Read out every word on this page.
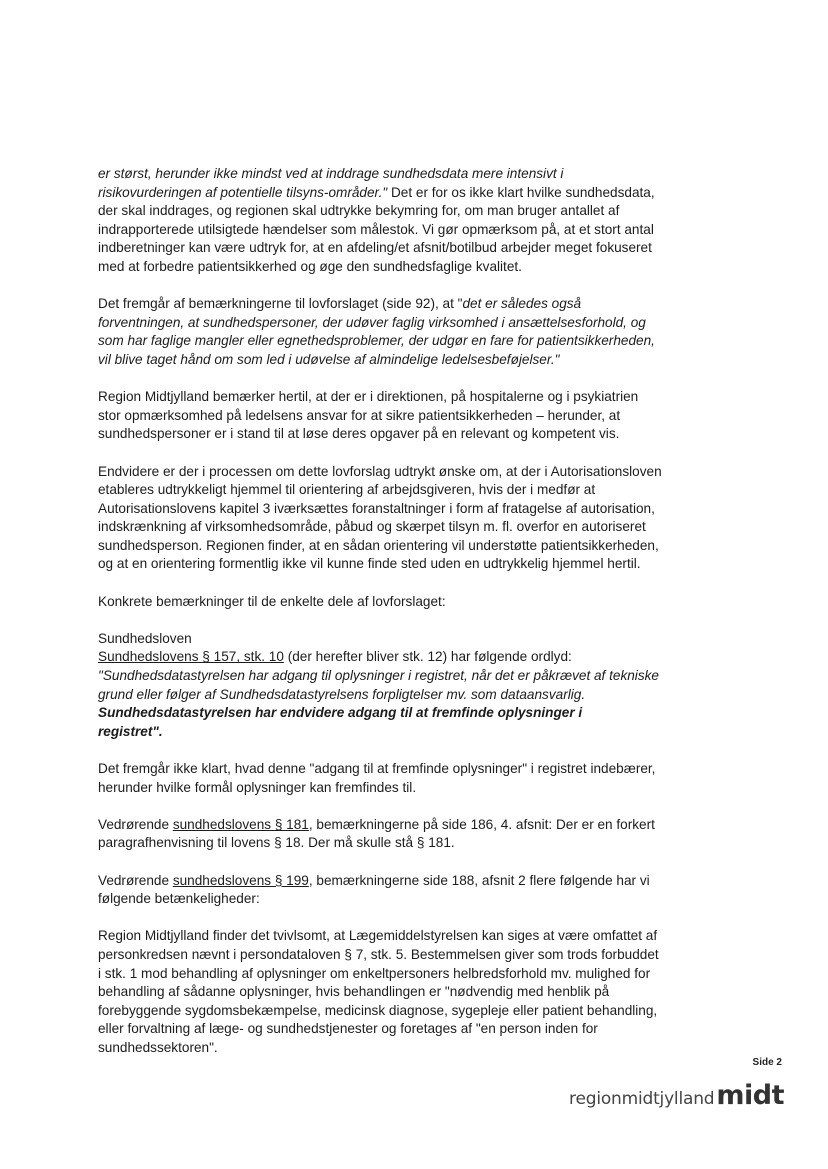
er størst, herunder ikke mindst ved at inddrage sundhedsdata mere intensivt i
risikovurderingen af potentielle tilsyns-områder." Det er for os ikke klart hvilke sundhedsdata,
der skal inddrages, og regionen skal udtrykke bekymring for, om man bruger antallet af
indrapporterede utilsigtede hændelser som målestok. Vi gør opmærksom på, at et stort antal
indberetninger kan være udtryk for, at en afdeling/et afsnit/botilbud arbejder meget fokuseret
med at forbedre patientsikkerhed og øge den sundhedsfaglige kvalitet.

Det fremgår af bemærkningerne til lovforslaget (side 92), at "det er således også
forventningen, at sundhedspersoner, der udøver faglig virksomhed i ansættelsesforhold, og
som har faglige mangler eller egnethedsproblemer, der udgør en fare for patientsikkerheden,
vil blive taget hånd om som led i udøvelse af almindelige ledelsesbeføjelser."

Region Midtjylland bemærker hertil, at der er i direktionen, på hospitalerne og i psykiatrien
stor opmærksomhed på ledelsens ansvar for at sikre patientsikkerheden – herunder, at
sundhedspersoner er i stand til at løse deres opgaver på en relevant og kompetent vis.

Endvidere er der i processen om dette lovforslag udtrykt ønske om, at der i Autorisationsloven
etableres udtrykkeligt hjemmel til orientering af arbejdsgiveren, hvis der i medfør at
Autorisationslovens kapitel 3 iværksættes foranstaltninger i form af fratagelse af autorisation,
indskrænkning af virksomhedsområde, påbud og skærpet tilsyn m. fl. overfor en autoriseret
sundhedsperson. Regionen finder, at en sådan orientering vil understøtte patientsikkerheden,
og at en orientering formentlig ikke vil kunne finde sted uden en udtrykkelig hjemmel hertil.

Konkrete bemærkninger til de enkelte dele af lovforslaget:

Sundhedsloven
Sundhedslovens § 157, stk. 10 (der herefter bliver stk. 12) har følgende ordlyd:
"Sundhedsdatastyrelsen har adgang til oplysninger i registret, når det er påkrævet af tekniske
grund eller følger af Sundhedsdatastyrelsens forpligtelser mv. som dataansvarlig.
Sundhedsdatastyrelsen har endvidere adgang til at fremfinde oplysninger i
registret".

Det fremgår ikke klart, hvad denne "adgang til at fremfinde oplysninger" i registret indebærer,
herunder hvilke formål oplysninger kan fremfindes til.

Vedrørende sundhedslovens § 181, bemærkningerne på side 186, 4. afsnit: Der er en forkert
paragrafhenvisning til lovens § 18. Der må skulle stå § 181.

Vedrørende sundhedslovens § 199, bemærkningerne side 188, afsnit 2 flere følgende har vi
følgende betænkeligheder:

Region Midtjylland finder det tvivlsomt, at Lægemiddelstyrelsen kan siges at være omfattet af
personkredsen nævnt i persondataloven § 7, stk. 5. Bestemmelsen giver som trods forbuddet
i stk. 1 mod behandling af oplysninger om enkeltpersoners helbredsforhold mv. mulighed for
behandling af sådanne oplysninger, hvis behandlingen er "nødvendig med henblik på
forebyggende sygdomsbekæmpelse, medicinsk diagnose, sygepleje eller patient behandling,
eller forvaltning af læge- og sundhedstjenester og foretages af "en person inden for
sundhedssektoren".

Side 2
regionmidtjylland midt
